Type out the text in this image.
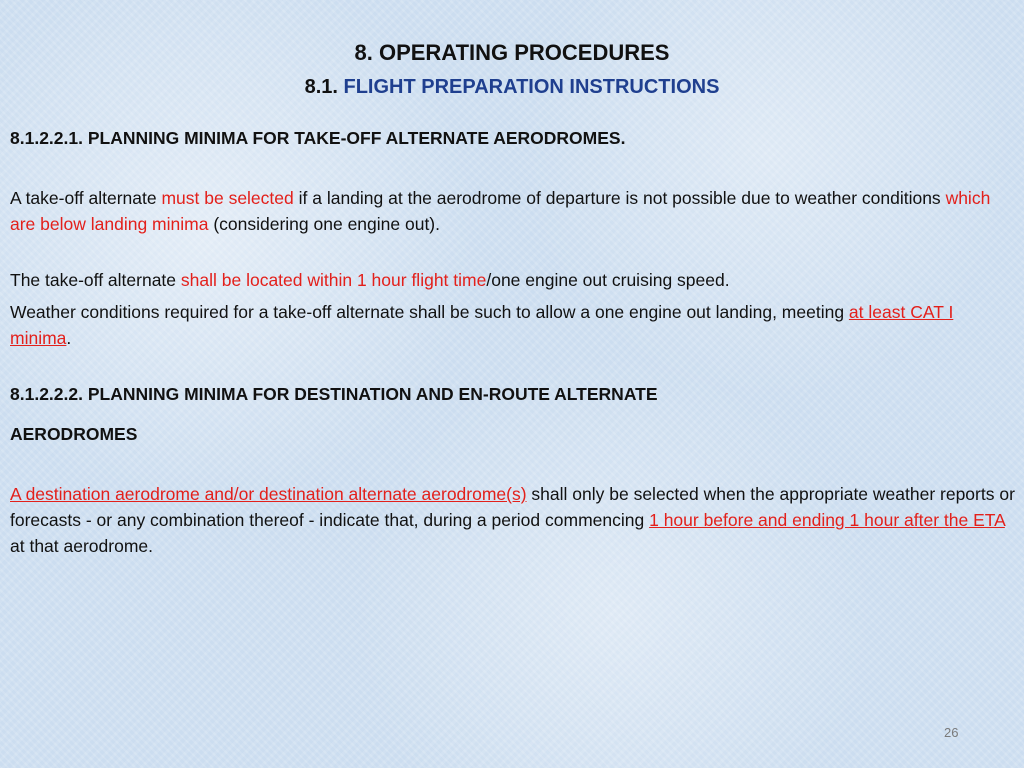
8. OPERATING PROCEDURES
8.1. FLIGHT PREPARATION INSTRUCTIONS

8.1.2.2.1. PLANNING MINIMA FOR TAKE-OFF ALTERNATE AERODROMES.

A take-off alternate must be selected if a landing at the aerodrome of departure is not possible due to weather conditions which are below landing minima (considering one engine out).

The take-off alternate shall be located within 1 hour flight time/one engine out cruising speed.

Weather conditions required for a take-off alternate shall be such to allow a one engine out landing, meeting at least CAT I minima.

8.1.2.2.2. PLANNING MINIMA FOR DESTINATION AND EN-ROUTE ALTERNATE

AERODROMES

A destination aerodrome and/or destination alternate aerodrome(s) shall only be selected when the appropriate weather reports or forecasts - or any combination thereof - indicate that, during a period commencing 1 hour before and ending 1 hour after the ETA at that aerodrome.

26
